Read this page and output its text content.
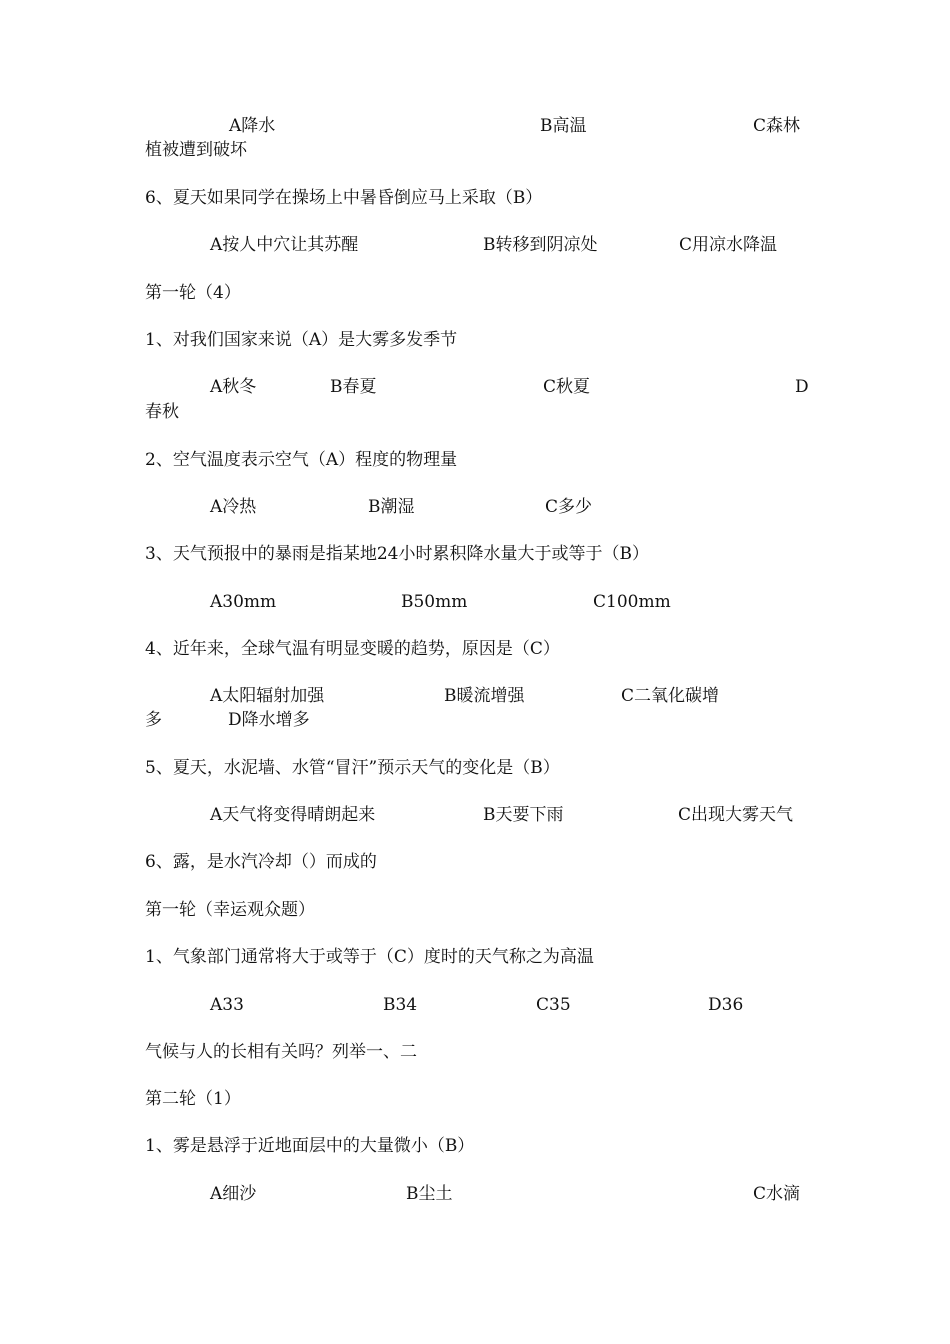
A降水	B高温	C森林
植被遭到破坏
6、夏天如果同学在操场上中暑昏倒应马上采取（B）
A按人中穴让其苏醒	B转移到阴凉处	C用凉水降温
第一轮（4）
1、对我们国家来说（A）是大雾多发季节
A秋冬	B春夏	C秋夏	D
春秋
2、空气温度表示空气（A）程度的物理量
A冷热	B潮湿	C多少
3、天气预报中的暴雨是指某地24小时累积降水量大于或等于（B）
A30mm	B50mm	C100mm
4、近年来，全球气温有明显变暖的趋势，原因是（C）
A太阳辐射加强	B暖流增强	C二氧化碳增
多	D降水增多
5、夏天，水泥墙、水管“冒汗”预示天气的变化是（B）
A天气将变得晴朗起来	B天要下雨	C出现大雾天气
6、露，是水汽冷却（）而成的
第一轮（幸运观众题）
1、气象部门通常将大于或等于（C）度时的天气称之为高温
A33	B34	C35	D36
气候与人的长相有关吗？列举一、二
第二轮（1）
1、雾是悬浮于近地面层中的大量微小（B）
A细沙	B尘土	C水滴
